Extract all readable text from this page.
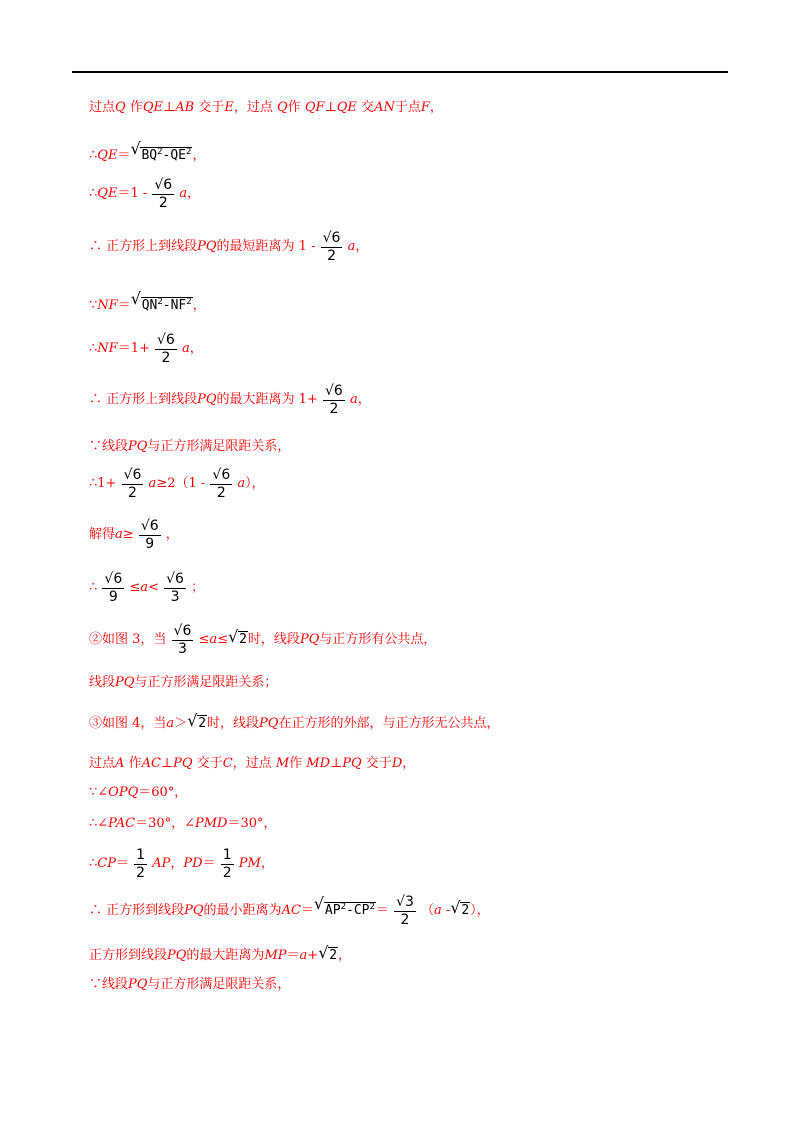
过点Q 作QE⊥AB 交于E，过点 Q作 QF⊥QE 交AN于点F，
∴QE＝ √ $BQ^2-QE^2$，
∴QE＝1 - $\frac{√6}{2}$ a，
∴ 正方形上到线段PQ的最短距离为 $1 - \frac{√6}{2}$ a，
∵NF＝ √ $QN^2-NF^2$，
∴NF＝1+ $\frac{√6}{2}$ a，
∴ 正方形上到线段PQ的最大距离为 $1+ \frac{√6}{2}$ a，
∵线段PQ与正方形满足限距关系，
∴1+ $\frac{√6}{2} a\ge 2(1 - \frac{√6}{2} a)$，
解得$a\ge \frac{√6}{9}$ ，
∴ $\frac{√6}{9} \le a< \frac{√6}{3}$ ；
②如图 3，当 $\frac{√6}{3} \le a\le$ √ 2时，线段PQ与正方形有公共点，
线段PQ与正方形满足限距关系；
③如图 4，当a＞ √ 2时，线段PQ在正方形的外部，与正方形无公共点，
过点A 作AC⊥PQ 交于C，过点 M作 MD⊥PQ 交于D，
∵∠OPQ＝60°，
∴∠PAC＝30°，∠PMD＝30°，
∴CP＝ $\frac{1}{2}$ AP，$PD= \frac{1}{2}$ PM，
∴ 正方形到线段PQ的最小距离为AC＝ √ $AP^2-CP^2= \frac{√3}{2} (a$ - √ 2），
正方形到线段PQ的最大距离为MP＝a+ √ 2，
∵线段PQ与正方形满足限距关系，
